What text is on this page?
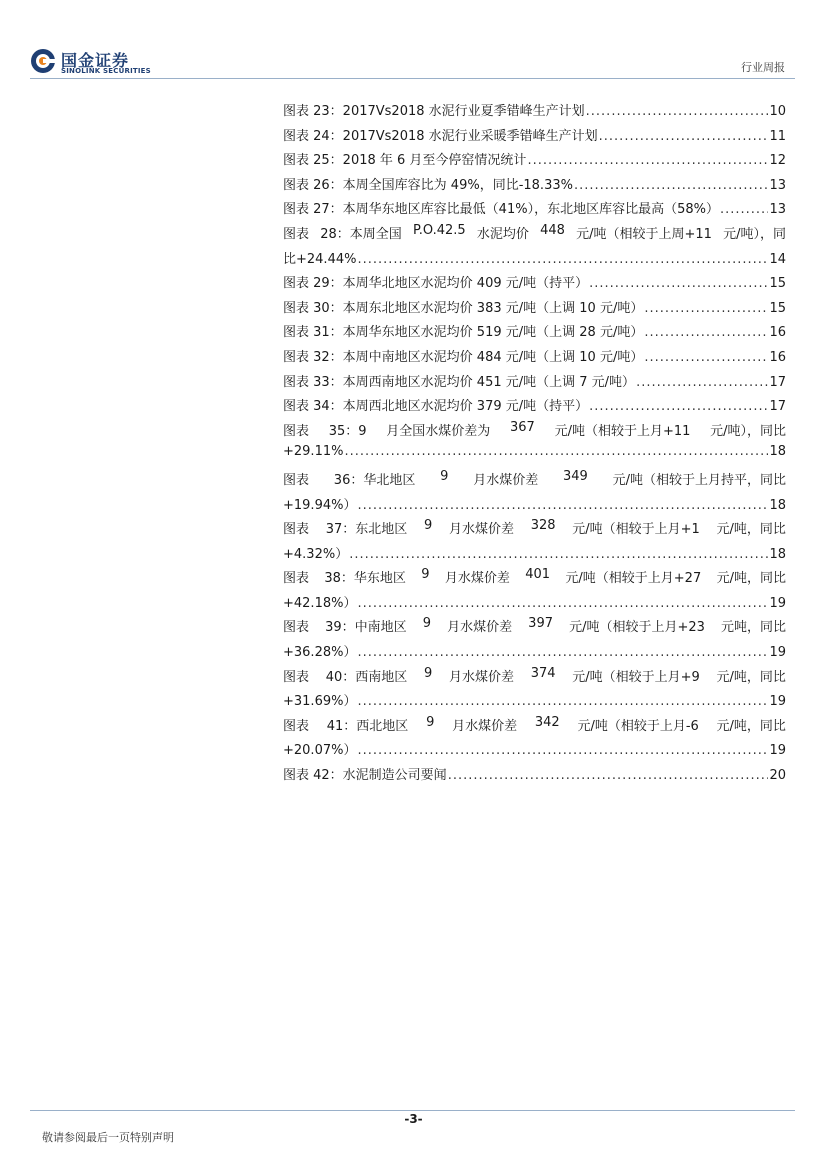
国金证券
SINOLINK SECURITIES	行业周报
图表 23：2017Vs2018 水泥行业夏季错峰生产计划 .....	10
图表 24：2017Vs2018 水泥行业采暖季错峰生产计划 .....	11
图表 25：2018 年 6 月至今停窑情况统计 .....	12
图表 26：本周全国库容比为 49%，同比-18.33% .....	13
图表 27：本周华东地区库容比最低（41%），东北地区库容比最高（58%） .....	13
图表 28：本周全国 P.O.42.5 水泥均价 448 元/吨（相较于上周+11 元/吨），同
比+24.44% .....	14
图表 29：本周华北地区水泥均价 409 元/吨（持平） .....	15
图表 30：本周东北地区水泥均价 383 元/吨（上调 10 元/吨） .....	15
图表 31：本周华东地区水泥均价 519 元/吨（上调 28 元/吨） .....	16
图表 32：本周中南地区水泥均价 484 元/吨（上调 10 元/吨） .....	16
图表 33：本周西南地区水泥均价 451 元/吨（上调 7 元/吨） .....	17
图表 34：本周西北地区水泥均价 379 元/吨（持平） .....	17
图表 35：9 月全国水煤价差为 367 元/吨（相较于上月+11 元/吨），同比
+29.11% .....	18
图表 36：华北地区 9 月水煤价差 349 元/吨（相较于上月持平，同比
+19.94%） .....	18
图表 37：东北地区 9 月水煤价差 328 元/吨（相较于上月+1 元/吨，同比
+4.32%） .....	18
图表 38：华东地区 9 月水煤价差 401 元/吨（相较于上月+27 元/吨，同比
+42.18%） .....	19
图表 39：中南地区 9 月水煤价差 397 元/吨（相较于上月+23 元吨，同比
+36.28%） .....	19
图表 40：西南地区 9 月水煤价差 374 元/吨（相较于上月+9 元/吨，同比
+31.69%） .....	19
图表 41：西北地区 9 月水煤价差 342 元/吨（相较于上月-6 元/吨，同比
+20.07%） .....	19
图表 42：水泥制造公司要闻 .....	20
-3-
敬请参阅最后一页特别声明
